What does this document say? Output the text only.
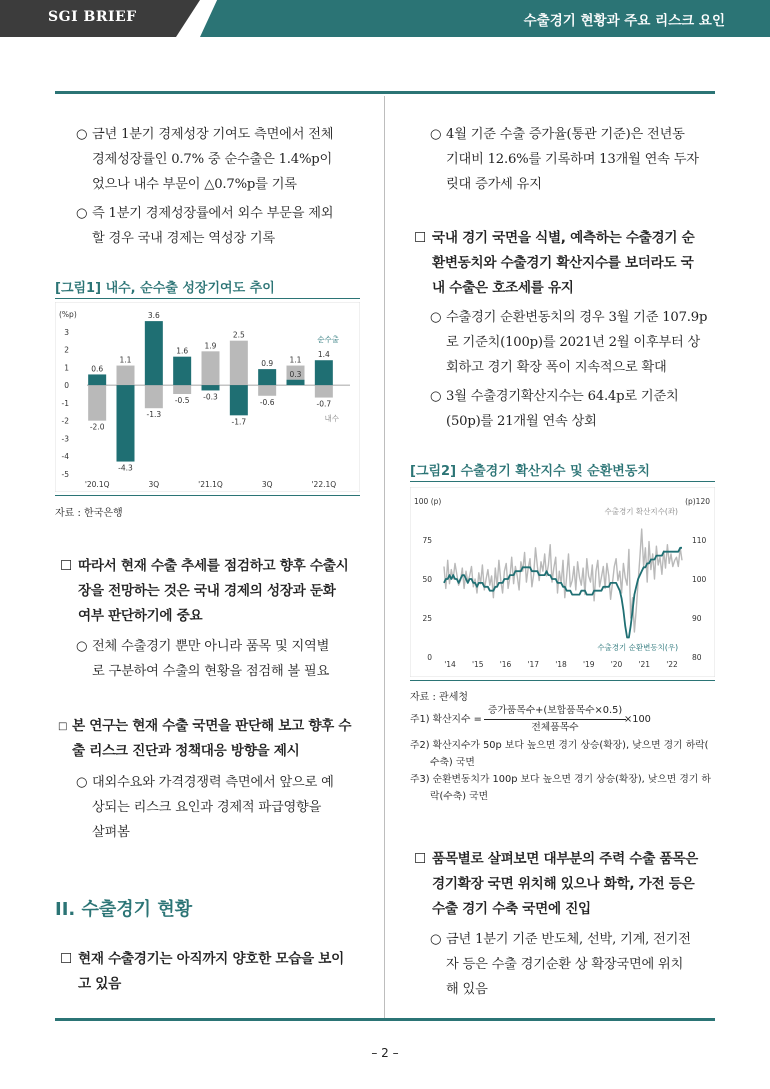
SGI BRIEF	수출경기 현황과 주요 리스크 요인
○ 금년 1분기 경제성장 기여도 측면에서 전체
경제성장률인 0.7% 중 순수출은 1.4%p이
었으나 내수 부문이 △0.7%p를 기록
○ 즉 1분기 경제성장률에서 외수 부문을 제외
할 경우 국내 경제는 역성장 기록
[그림1] 내수, 순수출 성장기여도 추이
(%p)
3
2
1
0
-1
-2
-3
-4
-5
0.6
-2.0
'20.1Q
-4.3
1.1
3.6
-1.3
3Q
1.6
-0.5 -0.3
1.9
'21.1Q
-1.7
2.5
0.9
-0.6
3Q
0.3
1.1
1.4
-0.7
'22.1Q
순수출
내수
자료 : 한국은행
☐ 따라서 현재 수출 추세를 점검하고 향후 수출시
장을 전망하는 것은 국내 경제의 성장과 둔화
여부 판단하기에 중요
○ 전체 수출경기 뿐만 아니라 품목 및 지역별
로 구분하여 수출의 현황을 점검해 볼 필요
□ 본 연구는 현재 수출 국면을 판단해 보고 향후 수
출 리스크 진단과 정책대응 방향을 제시
○ 대외수요와 가격경쟁력 측면에서 앞으로 예
상되는 리스크 요인과 경제적 파급영향을
살펴봄
II. 수출경기 현황
☐ 현재 수출경기는 아직까지 양호한 모습을 보이
고 있음
○ 4월 기준 수출 증가율(통관 기준)은 전년동
기대비 12.6%를 기록하며 13개월 연속 두자
릿대 증가세 유지
☐ 국내 경기 국면을 식별, 예측하는 수출경기 순
환변동치와 수출경기 확산지수를 보더라도 국
내 수출은 호조세를 유지
○ 수출경기 순환변동치의 경우 3월 기준 107.9p
로 기준치(100p)를 2021년 2월 이후부터 상
회하고 경기 확장 폭이 지속적으로 확대
○ 3월 수출경기확산지수는 64.4p로 기준치
(50p)를 21개월 연속 상회
[그림2] 수출경기 확산지수 및 순환변동치
100 (p)	(p)120
0
25
50
75
80
90
100
110
'14 '15 '16 '17 '18 '19 '20 '21 '22
수출경기 확산지수(좌)
수출경기 순환변동치(우)
자료 : 관세청
주1) 확산지수 =
증가품목수+(보합품목수×0.5)
전체품목수
×100
주2) 확산지수가 50p 보다 높으면 경기 상승(확장), 낮으면 경기 하락(
수축) 국면
주3) 순환변동치가 100p 보다 높으면 경기 상승(확장), 낮으면 경기 하
락(수축) 국면
☐ 품목별로 살펴보면 대부분의 주력 수출 품목은
경기확장 국면 위치해 있으나 화학, 가전 등은
수출 경기 수축 국면에 진입
○ 금년 1분기 기준 반도체, 선박, 기계, 전기전
자 등은 수출 경기순환 상 확장국면에 위치
해 있음
– 2 –
